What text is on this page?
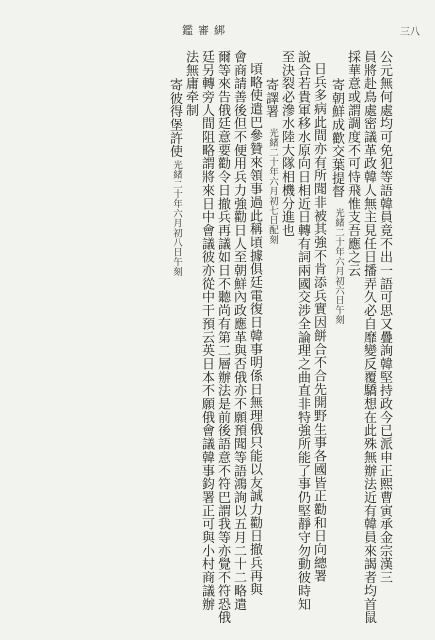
鑑審綁	三八
公元無何處均可免犯等語韓員竟不出一語可思又疊詢韓堅持政今已派申正熙曹寅承金宗漢三
員將赴鳥處密議革政韓人無主見任日播弄久必自靡變反覆驕想在此殊無辦法近有韓員來謁者均首鼠
採華意或謂調度不可恃飛惟支吾應之云
寄朝鮮成歡交葉提督
光緒二十年六月初六日午刻
日兵多病此間亦有所聞非被其強不肯添兵實因餅合不合先開野生事各國皆正勸和日向總署
說合若貴軍移水原向日相近日轉有詞兩國交涉全論理之曲直非特強所能了事仍堅靜守勿動彼時知
至決裂必滲水陸大隊相機分進也
寄譯署
光緒二十年六月初七日配刻
頃略使遣巴參贊來領事過此稱頃據俱廷電復日韓事明係日無理俄只能以友誠力勸日撤兵再與
會商請善後但不便用兵力強勸日人至朝鮮內政應革與否俄亦不願預聞等語鴻詢以五月二十二略遣
爾等來告俄廷意要勸令日撤兵再議如日不聽尚有第二層辦法是前後語意不符巴謂我等亦覺不符恐俄
廷另轉旁人間阻略謂將來日中會議彼亦從中干預云英日本不願俄會議韓事鈞署正可與小村商議辦
法無庸牵制
寄彼得堡許使
光緒二十年六月初八日午刻
